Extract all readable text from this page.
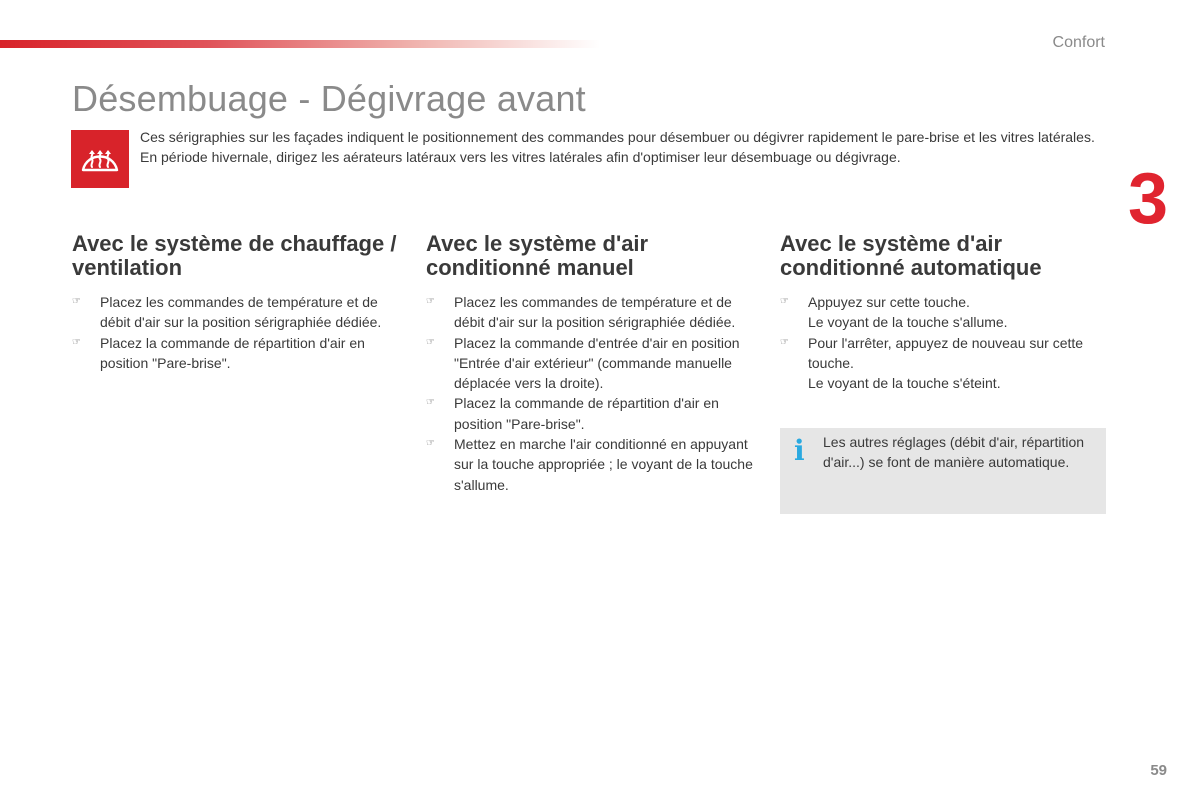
Confort
3
Désembuage - Dégivrage avant

Ces sérigraphies sur les façades indiquent le positionnement des commandes pour désembuer ou dégivrer rapidement le pare-brise et les vitres latérales.

En période hivernale, dirigez les aérateurs latéraux vers les vitres latérales afin d'optimiser leur désembuage ou dégivrage.

Avec le système de chauffage / ventilation
☞ Placez les commandes de température et de débit d'air sur la position sérigraphiée dédiée.
☞ Placez la commande de répartition d'air en position "Pare-brise".
Avec le système d'air conditionné manuel
☞ Placez les commandes de température et de débit d'air sur la position sérigraphiée dédiée.
☞ Placez la commande d'entrée d'air en position "Entrée d'air extérieur" (commande manuelle déplacée vers la droite).
☞ Placez la commande de répartition d'air en position "Pare-brise".
☞ Mettez en marche l'air conditionné en appuyant sur la touche appropriée ; le voyant de la touche s'allume.
Avec le système d'air conditionné automatique
☞ Appuyez sur cette touche.
Le voyant de la touche s'allume.
☞ Pour l'arrêter, appuyez de nouveau sur cette touche.
Le voyant de la touche s'éteint.
i Les autres réglages (débit d'air, répartition d'air...) se font de manière automatique.
59
